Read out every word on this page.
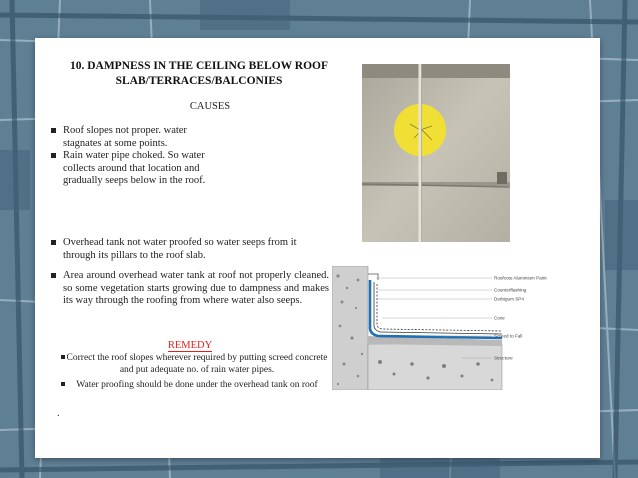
10. DAMPNESS IN THE CEILING BELOW ROOF SLAB/TERRACES/BALCONIES
CAUSES
Roof slopes not proper. water stagnates at some points.
Rain water pipe choked. So water collects around that location and gradually seeps below in the roof.
Overhead tank not water proofed so water seeps from it through its pillars to the roof slab.
Area around overhead water tank at roof not properly cleaned. so some vegetation starts growing due to dampness and makes its way through the roofing from where water also seeps.
REMEDY
Correct the roof slopes wherever required by putting screed concrete and put adequate no. of rain water pipes.
Water proofing should be done under the overhead tank on roof
.
Roofcote Aluminium Paint
Counterflashing
Derbigum SP4
Cove
Screed to Fall
Structure
